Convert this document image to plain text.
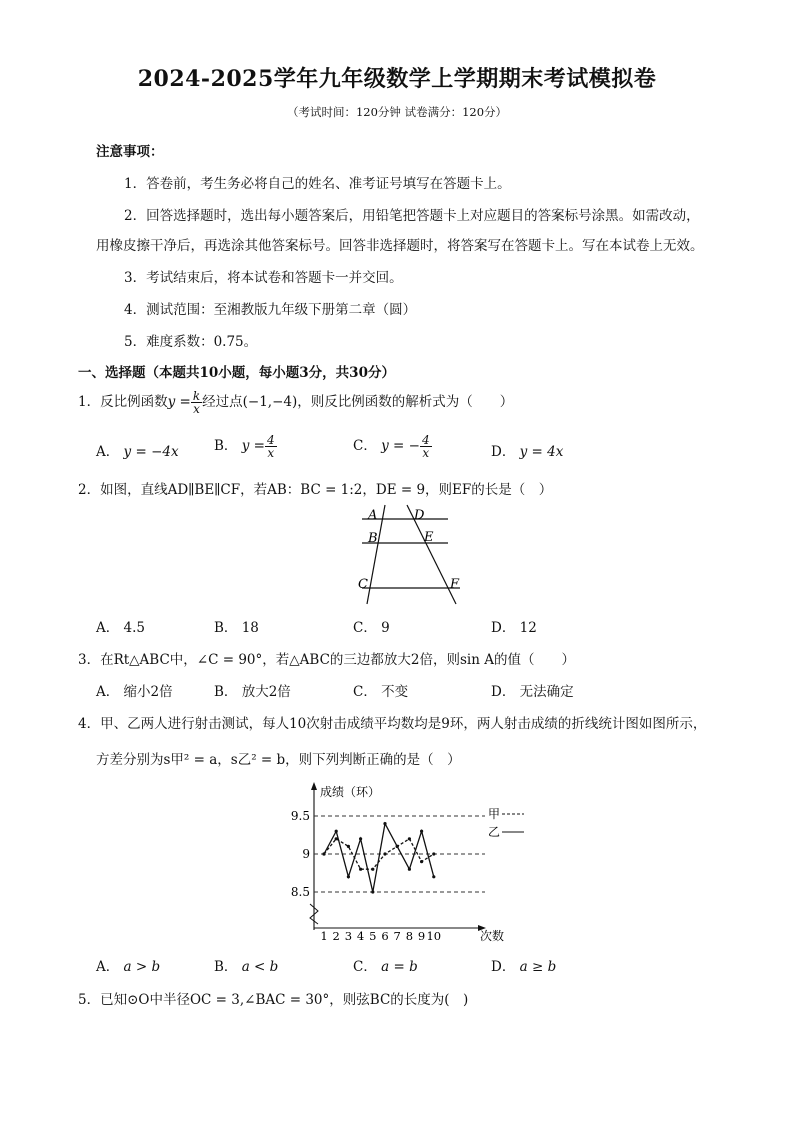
2024-2025学年九年级数学上学期期末考试模拟卷
（考试时间：120分钟 试卷满分：120分）
注意事项：
1．答卷前，考生务必将自己的姓名、准考证号填写在答题卡上。
2．回答选择题时，选出每小题答案后，用铅笔把答题卡上对应题目的答案标号涂黑。如需改动，
用橡皮擦干净后，再选涂其他答案标号。回答非选择题时，将答案写在答题卡上。写在本试卷上无效。
3．考试结束后，将本试卷和答题卡一并交回。
4．测试范围：至湘教版九年级下册第二章（圆）
5．难度系数：0.75。
一、选择题（本题共10小题，每小题3分，共30分）
1．反比例函数$y = \frac{k}{x}$ 经过点(−1,−4)，则反比例函数的解析式为（　　）
A． y = −4x	B． $y = \frac{4}{x}$	C． y = − $\frac{4}{x}$	D． y = 4x
2．如图，直线AD∥BE∥CF，若AB：BC = 1:2，DE = 9，则EF的长是（　）
A	D
B	E
C	F
A． 4.5	B． 18	C． 9	D． 12
3．在Rt△ABC中，∠C = 90°，若△ABC的三边都放大2倍，则sin A的值（　　）
A． 缩小2倍	B． 放大2倍	C． 不变	D． 无法确定
4．甲、乙两人进行射击测试，每人10次射击成绩平均数均是9环，两人射击成绩的折线统计图如图所示，
方差分别为s甲² = a，s乙² = b，则下列判断正确的是（　）
成绩（环）
次数
甲
乙
9.5
9
8.5
1 2 3 4 5 6 7 8 9 10
A． a > b	B． a < b	C． a = b	D． a ≥ b
5．已知⊙O中半径OC = 3,∠BAC = 30°，则弦BC的长度为(　)
